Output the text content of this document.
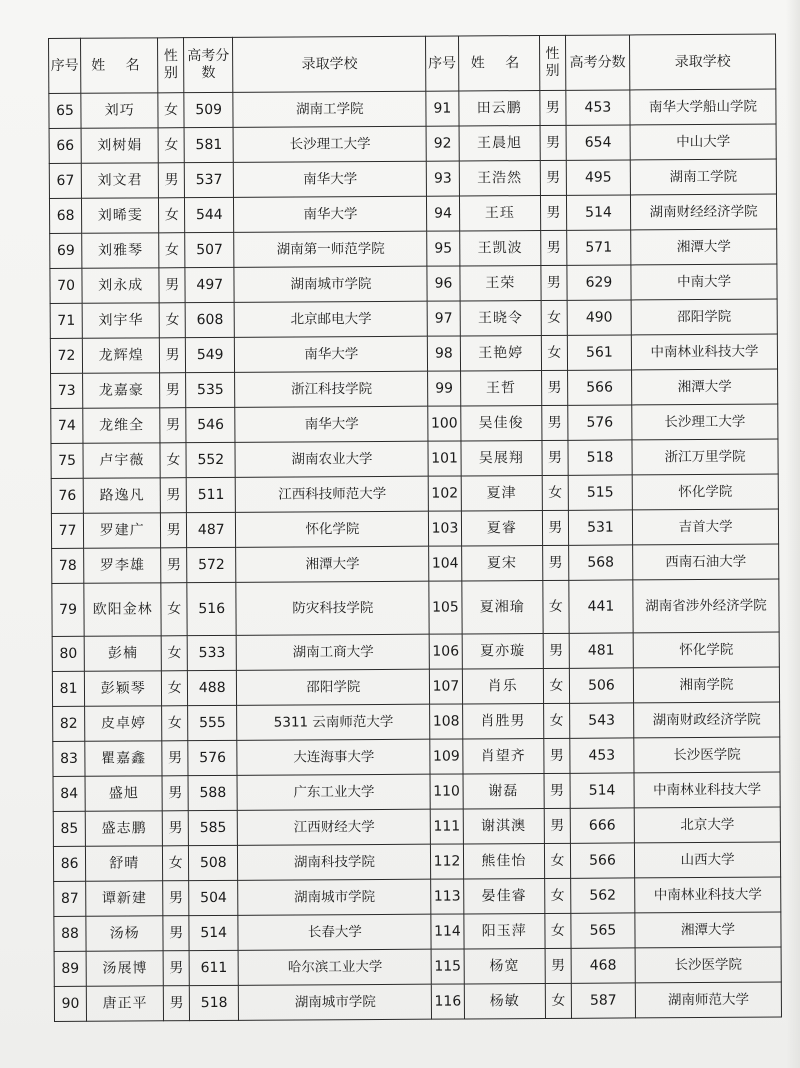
序号	姓 名	性别	高考分数	录取学校	序号	姓 名	性别	高考分数	录取学校
65	刘巧	女	509	湖南工学院	91	田云鹏	男	453	南华大学船山学院
66	刘树娟	女	581	长沙理工大学	92	王晨旭	男	654	中山大学
67	刘文君	男	537	南华大学	93	王浩然	男	495	湖南工学院
68	刘晞雯	女	544	南华大学	94	王珏	男	514	湖南财经经济学院
69	刘雅琴	女	507	湖南第一师范学院	95	王凯波	男	571	湘潭大学
70	刘永成	男	497	湖南城市学院	96	王荣	男	629	中南大学
71	刘宇华	女	608	北京邮电大学	97	王晓令	女	490	邵阳学院
72	龙辉煌	男	549	南华大学	98	王艳婷	女	561	中南林业科技大学
73	龙嘉豪	男	535	浙江科技学院	99	王哲	男	566	湘潭大学
74	龙维全	男	546	南华大学	100	吴佳俊	男	576	长沙理工大学
75	卢宇薇	女	552	湖南农业大学	101	吴展翔	男	518	浙江万里学院
76	路逸凡	男	511	江西科技师范大学	102	夏津	女	515	怀化学院
77	罗建广	男	487	怀化学院	103	夏睿	男	531	吉首大学
78	罗李雄	男	572	湘潭大学	104	夏宋	男	568	西南石油大学
79	欧阳金林	女	516	防灾科技学院	105	夏湘瑜	女	441	湖南省涉外经济学院
80	彭楠	女	533	湖南工商大学	106	夏亦璇	男	481	怀化学院
81	彭颖琴	女	488	邵阳学院	107	肖乐	女	506	湘南学院
82	皮卓婷	女	555	5311 云南师范大学	108	肖胜男	女	543	湖南财政经济学院
83	瞿嘉鑫	男	576	大连海事大学	109	肖望齐	男	453	长沙医学院
84	盛旭	男	588	广东工业大学	110	谢磊	男	514	中南林业科技大学
85	盛志鹏	男	585	江西财经大学	111	谢淇澳	男	666	北京大学
86	舒晴	女	508	湖南科技学院	112	熊佳怡	女	566	山西大学
87	谭新建	男	504	湖南城市学院	113	晏佳睿	女	562	中南林业科技大学
88	汤杨	男	514	长春大学	114	阳玉萍	女	565	湘潭大学
89	汤展博	男	611	哈尔滨工业大学	115	杨宽	男	468	长沙医学院
90	唐正平	男	518	湖南城市学院	116	杨敏	女	587	湖南师范大学
